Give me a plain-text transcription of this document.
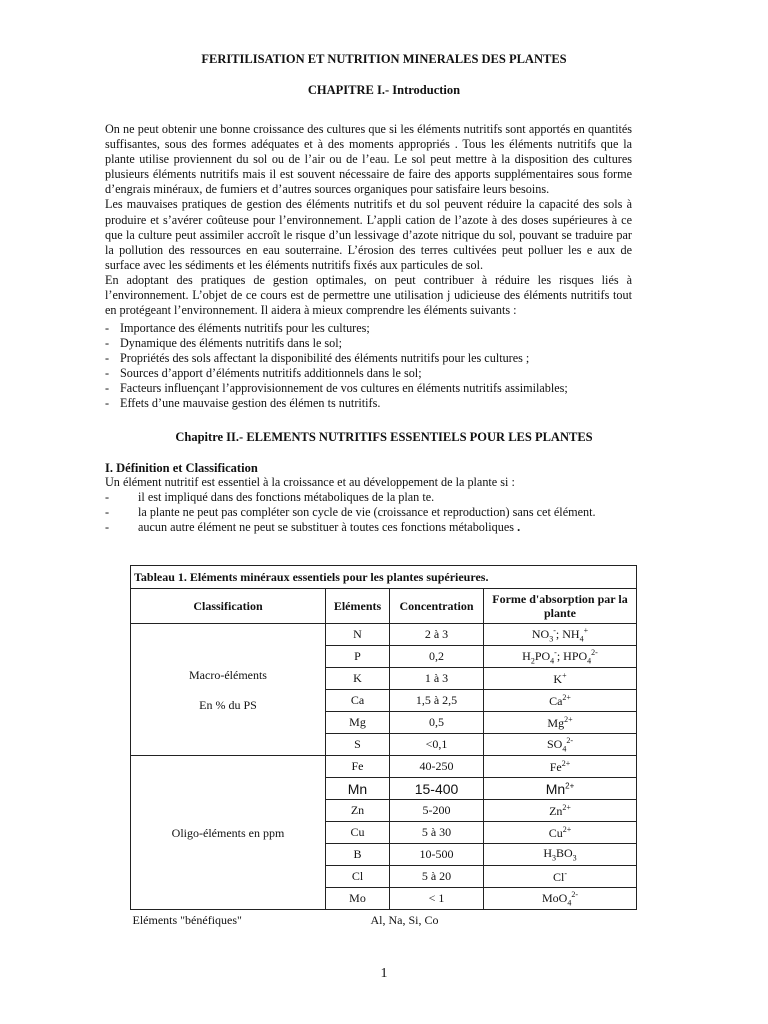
FERITILISATION ET NUTRITION MINERALES DES PLANTES
CHAPITRE I.- Introduction

On ne peut obtenir une bonne croissance des cultures que si les éléments nutritifs sont apportés en quantités suffisantes, sous des formes adéquates et à des moments appropriés . Tous les éléments nutritifs que la plante utilise proviennent du sol ou de l’air ou de l’eau. Le sol peut mettre à la disposition des cultures plusieurs éléments nutritifs mais il est souvent nécessaire de faire des apports supplémentaires sous forme d’engrais minéraux, de fumiers et d’autres sources organiques pour satisfaire leurs besoins.

Les mauvaises pratiques de gestion des éléments nutritifs et du sol peuvent réduire la capacité des sols à produire et s’avérer coûteuse pour l’environnement. L’appli cation de l’azote à des doses supérieures à ce que la culture peut assimiler accroît le risque d’un lessivage d’azote nitrique du sol, pouvant se traduire par la pollution des ressources en eau souterraine. L’érosion des terres cultivées peut polluer les e aux de surface avec les sédiments et les éléments nutritifs fixés aux particules de sol.

En adoptant des pratiques de gestion optimales, on peut contribuer à réduire les risques liés à l’environnement. L’objet de ce cours est de permettre une utilisation j udicieuse des éléments nutritifs tout en protégeant l’environnement. Il aidera à mieux comprendre les éléments suivants :

- Importance des éléments nutritifs pour les cultures;
- Dynamique des éléments nutritifs dans le sol;
- Propriétés des sols affectant la disponibilité des éléments nutritifs pour les cultures ;
- Sources d’apport d’éléments nutritifs additionnels dans le sol;
- Facteurs influençant l’approvisionnement de vos cultures en éléments nutritifs assimilables;
- Effets d’une mauvaise gestion des élémen ts nutritifs.
Chapitre II.- ELEMENTS NUTRITIFS ESSENTIELS POUR LES PLANTES
I. Définition et Classification
Un élément nutritif est essentiel à la croissance et au développement de la plante si :
- il est impliqué dans des fonctions métaboliques de la plan te.
- la plante ne peut pas compléter son cycle de vie (croissance et reproduction) sans cet élément.
- aucun autre élément ne peut se substituer à toutes ces fonctions métaboliques .
Tableau 1. Eléments minéraux essentiels pour les plantes supérieures.			
Classification	Eléments	Concentration	Forme d'absorption par la plante

Macro-éléments
En % du PS	N	2 à 3	$NO_3^-$; $NH_4^+$
	P	0,2	$H_2PO_4^-$; $HPO_4^{2-}$
	K	1 à 3	K+
	Ca	1,5 à 2,5	$Ca^{2+}$
	Mg	0,5	$Mg^{2+}$
	S	<0,1	$SO_4^{2-}$
Oligo-éléments en ppm	Fe	40-250	$Fe^{2+}$
	Mn	15-400	$Mn^{2+}$
	Zn	5-200	$Zn^{2+}$
	Cu	5 à 30	$Cu^{2+}$
	B	10-500	$H_3BO_3$
	Cl	5 à 20	Cl-
	Mo	< 1	MoO$_4^{2-}$
Eléments "bénéfiques"	Al, Na, Si, Co		
1
